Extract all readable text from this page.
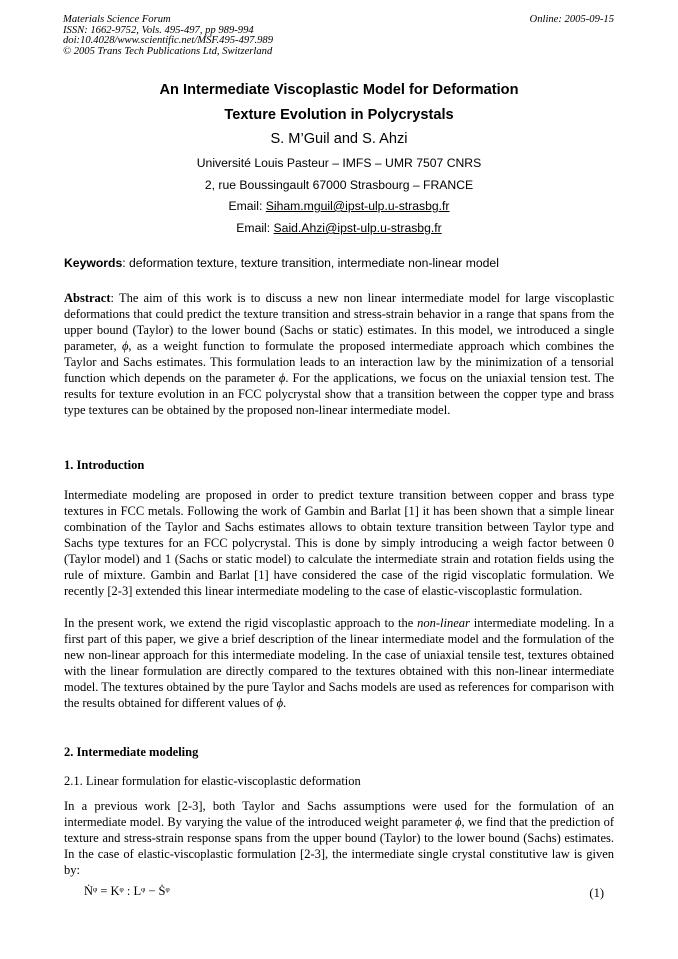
Materials Science Forum
ISSN: 1662-9752, Vols. 495-497, pp 989-994
doi:10.4028/www.scientific.net/MSF.495-497.989
© 2005 Trans Tech Publications Ltd, Switzerland
Online: 2005-09-15
An Intermediate Viscoplastic Model for Deformation
Texture Evolution in Polycrystals
S. M’Guil and S. Ahzi
Université Louis Pasteur – IMFS – UMR 7507 CNRS
2, rue Boussingault 67000 Strasbourg – FRANCE
Email: Siham.mguil@ipst-ulp.u-strasbg.fr
Email: Said.Ahzi@ipst-ulp.u-strasbg.fr
Keywords: deformation texture, texture transition, intermediate non-linear model
Abstract: The aim of this work is to discuss a new non linear intermediate model for large viscoplastic deformations that could predict the texture transition and stress-strain behavior in a range that spans from the upper bound (Taylor) to the lower bound (Sachs or static) estimates. In this model, we introduced a single parameter, ϕ, as a weight function to formulate the proposed intermediate approach which combines the Taylor and Sachs estimates. This formulation leads to an interaction law by the minimization of a tensorial function which depends on the parameter ϕ. For the applications, we focus on the uniaxial tension test. The results for texture evolution in an FCC polycrystal show that a transition between the copper type and brass type textures can be obtained by the proposed non-linear intermediate model.
1. Introduction
Intermediate modeling are proposed in order to predict texture transition between copper and brass type textures in FCC metals. Following the work of Gambin and Barlat [1] it has been shown that a simple linear combination of the Taylor and Sachs estimates allows to obtain texture transition between Taylor type and Sachs type textures for an FCC polycrystal. This is done by simply introducing a weigh factor between 0 (Taylor model) and 1 (Sachs or static model) to calculate the intermediate strain and rotation fields using the rule of mixture. Gambin and Barlat [1] have considered the case of the rigid viscoplatic formulation. We recently [2-3] extended this linear intermediate modeling to the case of elastic-viscoplastic formulation.
In the present work, we extend the rigid viscoplastic approach to the non-linear intermediate modeling. In a first part of this paper, we give a brief description of the linear intermediate model and the formulation of the new non-linear approach for this intermediate modeling. In the case of uniaxial tensile test, textures obtained with the linear formulation are directly compared to the textures obtained with this non-linear intermediate model. The textures obtained by the pure Taylor and Sachs models are used as references for comparison with the results obtained for different values of ϕ.
2. Intermediate modeling
2.1. Linear formulation for elastic-viscoplastic deformation
In a previous work [2-3], both Taylor and Sachs assumptions were used for the formulation of an intermediate model. By varying the value of the introduced weight parameter ϕ, we find that the prediction of texture and stress-strain response spans from the upper bound (Taylor) to the lower bound (Sachs) estimates. In the case of elastic-viscoplastic formulation [2-3], the intermediate single crystal constitutive law is given by:
Ṅᵠ = Kᵠ : Lᵠ − Ṡᵠ	(1)
